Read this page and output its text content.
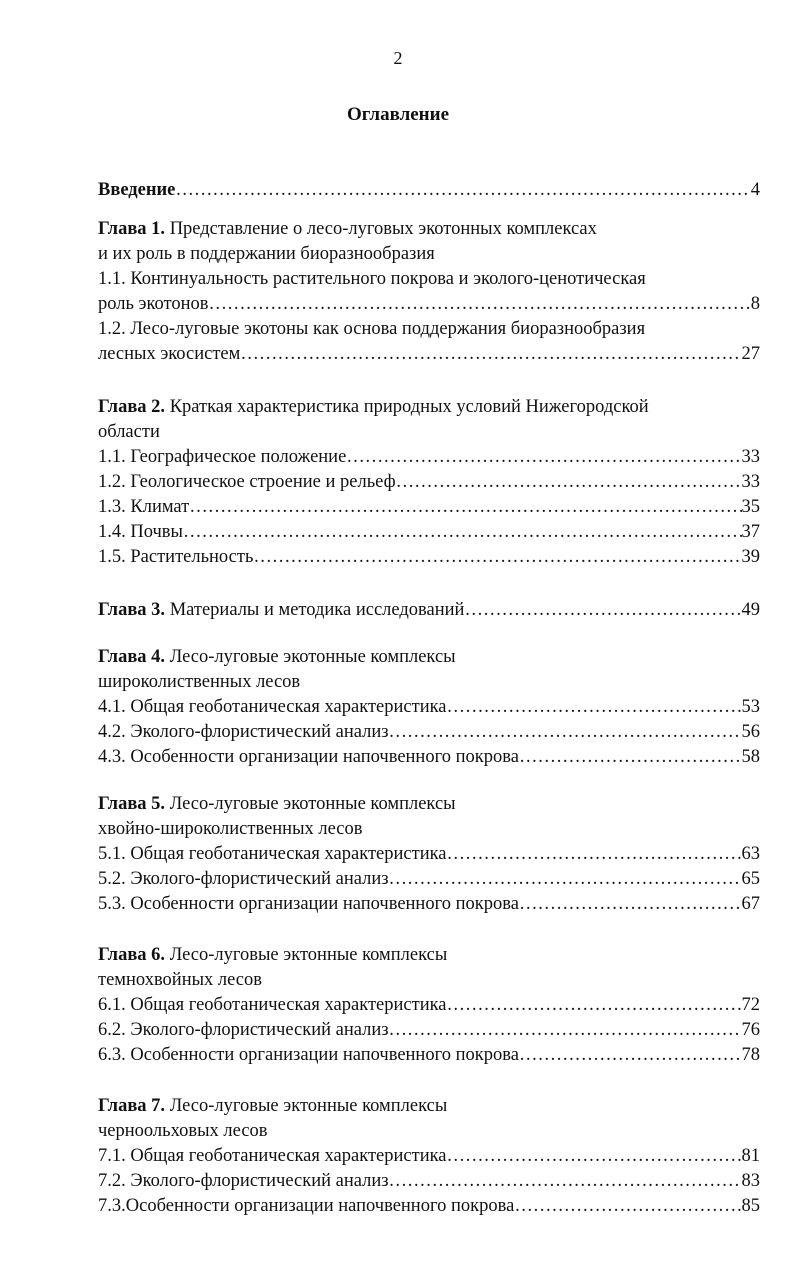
2
Оглавление
Введение ……………………………………………………………………………………………………………………………………………………………………………………	4
Глава 1. Представление о лесо-луговых экотонных комплексах
и их роль в поддержании биоразнообразия
1.1. Континуальность растительного покрова и эколого-ценотическая
роль экотонов ……………………………………………………………………………………………………………………………………………………………………………………	8
1.2. Лесо-луговые экотоны как основа поддержания биоразнообразия
лесных экосистем ……………………………………………………………………………………………………………………………………………………………………………………	27
Глава 2. Краткая характеристика природных условий Нижегородской
области
1.1. Географическое положение ……………………………………………………………………………………………………………………………………………………………………………………	33
1.2. Геологическое строение и рельеф ……………………………………………………………………………………………………………………………………………………………………………………	33
1.3. Климат ……………………………………………………………………………………………………………………………………………………………………………………	35
1.4. Почвы ……………………………………………………………………………………………………………………………………………………………………………………	37
1.5. Растительность ……………………………………………………………………………………………………………………………………………………………………………………	39
Глава 3. Материалы и методика исследований ……………………………………………………………………………………………………………………………………………………………………………………	49
Глава 4. Лесо-луговые экотонные комплексы
широколиственных лесов
4.1. Общая геоботаническая характеристика ……………………………………………………………………………………………………………………………………………………………………………………	53
4.2. Эколого-флористический анализ ……………………………………………………………………………………………………………………………………………………………………………………	56
4.3. Особенности организации напочвенного покрова ……………………………………………………………………………………………………………………………………………………………………………………	58
Глава 5. Лесо-луговые экотонные комплексы
хвойно-широколиственных лесов
5.1. Общая геоботаническая характеристика ……………………………………………………………………………………………………………………………………………………………………………………	63
5.2. Эколого-флористический анализ ……………………………………………………………………………………………………………………………………………………………………………………	65
5.3. Особенности организации напочвенного покрова ……………………………………………………………………………………………………………………………………………………………………………………	67
Глава 6. Лесо-луговые эктонные комплексы
темнохвойных лесов
6.1. Общая геоботаническая характеристика ……………………………………………………………………………………………………………………………………………………………………………………	72
6.2. Эколого-флористический анализ ……………………………………………………………………………………………………………………………………………………………………………………	76
6.3. Особенности организации напочвенного покрова ……………………………………………………………………………………………………………………………………………………………………………………	78
Глава 7. Лесо-луговые эктонные комплексы
черноольховых лесов
7.1. Общая геоботаническая характеристика ……………………………………………………………………………………………………………………………………………………………………………………	81
7.2. Эколого-флористический анализ ……………………………………………………………………………………………………………………………………………………………………………………	83
7.3.Особенности организации напочвенного покрова ……………………………………………………………………………………………………………………………………………………………………………………	85
